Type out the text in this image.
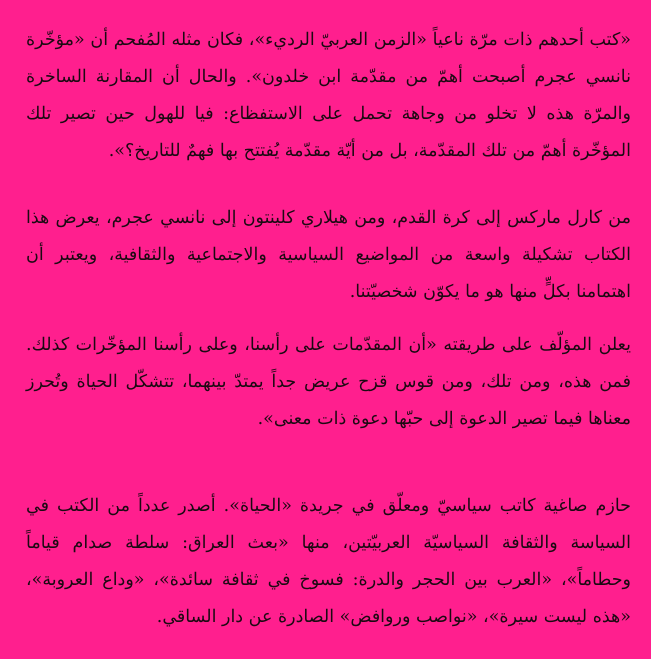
«كتب أحدهم ذات مرّة ناعياً «الزمن العربيّ الرديء»، فكان مثله المُفحم أن «مؤخّرة نانسي عجرم أصبحت أهمّ من مقدّمة ابن خلدون». والحال أن المقارنة الساخرة والمرّة هذه لا تخلو من وجاهة تحمل على الاستفظاع: فيا للهول حين تصير تلك المؤخّرة أهمّ من تلك المقدّمة، بل من أيّة مقدّمة يُفتتح بها فهمٌ للتاريخ؟».

من كارل ماركس إلى كرة القدم، ومن هيلاري كلينتون إلى نانسي عجرم، يعرض هذا الكتاب تشكيلة واسعة من المواضيع السياسية والاجتماعية والثقافية، ويعتبر أن اهتمامنا بكلٍّ منها هو ما يكوّن شخصيّتنا.

يعلن المؤلّف على طريقته «أن المقدّمات على رأسنا، وعلى رأسنا المؤخّرات كذلك. فمن هذه، ومن تلك، ومن قوس قزح عريض جداً يمتدّ بينهما، تتشكّل الحياة وتُحرز معناها فيما تصير الدعوة إلى حبّها دعوة ذات معنى».

حازم صاغية كاتب سياسيّ ومعلّق في جريدة «الحياة». أصدر عدداً من الكتب في السياسة والثقافة السياسيّة العربيّتين، منها «بعث العراق: سلطة صدام قياماً وحطاماً»، «العرب بين الحجر والدرة: فسوخ في ثقافة سائدة»، «وداع العروبة»، «هذه ليست سيرة»، «نواصب وروافض» الصادرة عن دار الساقي.
